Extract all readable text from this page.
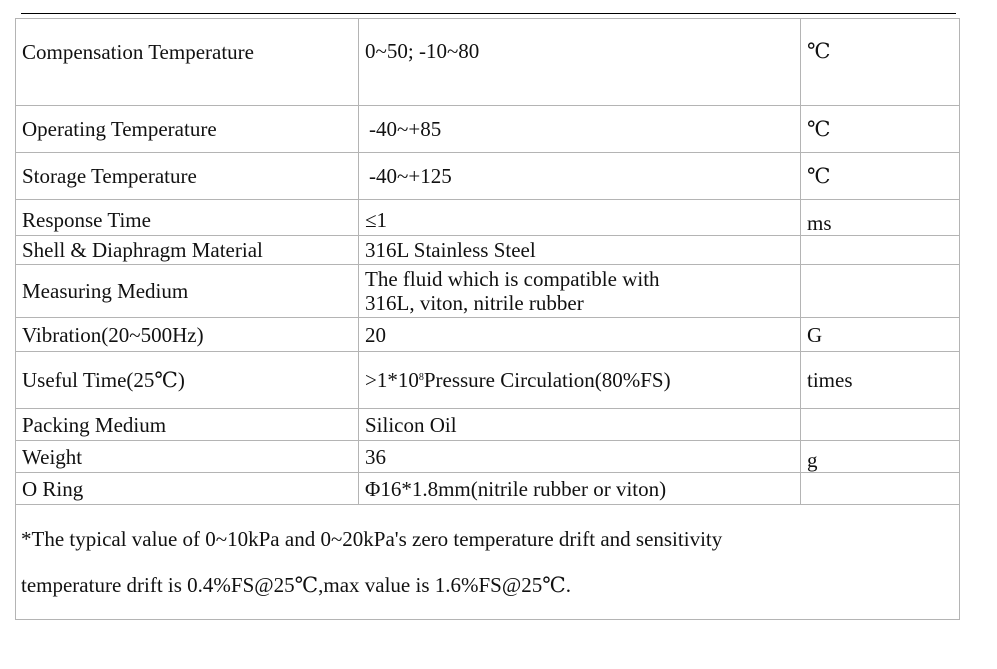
Compensation Temperature	0~50; -10~80	℃
Operating Temperature	-40~+85	℃
Storage Temperature	-40~+125	℃
Response Time	≤1	ms
Shell & Diaphragm Material	316L Stainless Steel	
Measuring Medium	The fluid which is compatible with
316L, viton, nitrile rubber	
Vibration(20~500Hz)	20	G
Useful Time(25℃)	$>1*10^8Pressure$ Circulation(80%FS)	times
Packing Medium	Silicon Oil	
Weight	36	g
O Ring	Φ16*1.8mm(nitrile rubber or viton)	

*The typical value of 0~10kPa and 0~20kPa's zero temperature drift and sensitivity
temperature drift is 0.4%FS@25℃,max value is 1.6%FS@25℃.		
